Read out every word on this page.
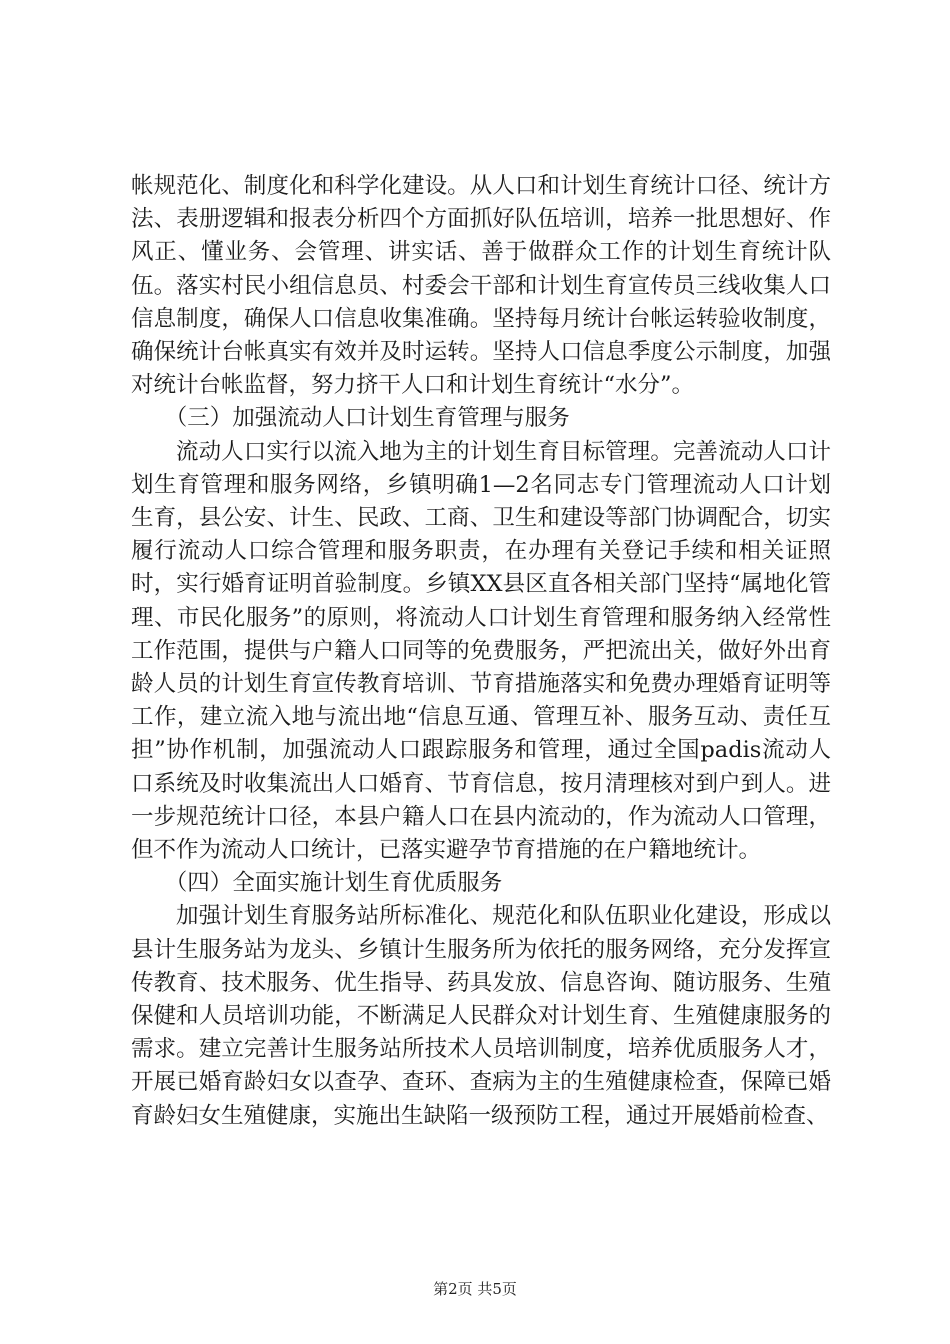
帐规范化、制度化和科学化建设。从人口和计划生育统计口径、统计方法、表册逻辑和报表分析四个方面抓好队伍培训，培养一批思想好、作风正、懂业务、会管理、讲实话、善于做群众工作的计划生育统计队伍。落实村民小组信息员、村委会干部和计划生育宣传员三线收集人口信息制度，确保人口信息收集准确。坚持每月统计台帐运转验收制度，确保统计台帐真实有效并及时运转。坚持人口信息季度公示制度，加强对统计台帐监督，努力挤干人口和计划生育统计“水分”。

（三）加强流动人口计划生育管理与服务

流动人口实行以流入地为主的计划生育目标管理。完善流动人口计划生育管理和服务网络，乡镇明确1—2名同志专门管理流动人口计划生育，县公安、计生、民政、工商、卫生和建设等部门协调配合，切实履行流动人口综合管理和服务职责，在办理有关登记手续和相关证照时，实行婚育证明首验制度。乡镇XX县区直各相关部门坚持“属地化管理、市民化服务”的原则，将流动人口计划生育管理和服务纳入经常性工作范围，提供与户籍人口同等的免费服务，严把流出关，做好外出育龄人员的计划生育宣传教育培训、节育措施落实和免费办理婚育证明等工作，建立流入地与流出地“信息互通、管理互补、服务互动、责任互担”协作机制，加强流动人口跟踪服务和管理，通过全国padis流动人口系统及时收集流出人口婚育、节育信息，按月清理核对到户到人。进一步规范统计口径，本县户籍人口在县内流动的，作为流动人口管理，但不作为流动人口统计，已落实避孕节育措施的在户籍地统计。

（四）全面实施计划生育优质服务

加强计划生育服务站所标准化、规范化和队伍职业化建设，形成以县计生服务站为龙头、乡镇计生服务所为依托的服务网络，充分发挥宣传教育、技术服务、优生指导、药具发放、信息咨询、随访服务、生殖保健和人员培训功能，不断满足人民群众对计划生育、生殖健康服务的需求。建立完善计生服务站所技术人员培训制度，培养优质服务人才，开展已婚育龄妇女以查孕、查环、查病为主的生殖健康检查，保障已婚育龄妇女生殖健康，实施出生缺陷一级预防工程，通过开展婚前检查、

第2页 共5页
